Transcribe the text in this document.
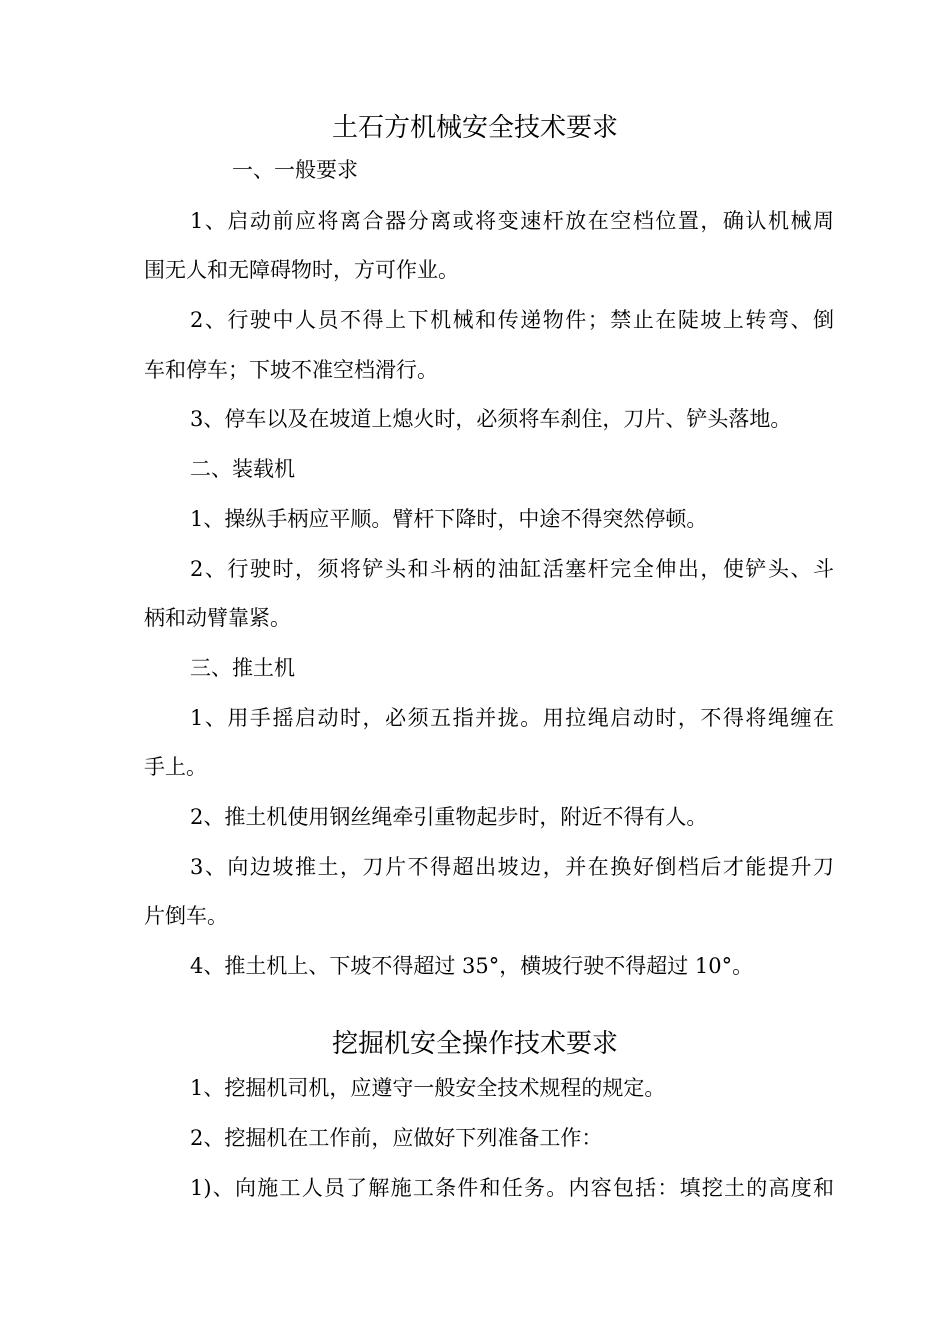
土石方机械安全技术要求
一、一般要求
1、启动前应将离合器分离或将变速杆放在空档位置，确认机械周
围无人和无障碍物时，方可作业。
2、行驶中人员不得上下机械和传递物件；禁止在陡坡上转弯、倒
车和停车；下坡不准空档滑行。
3、停车以及在坡道上熄火时，必须将车刹住，刀片、铲头落地。
二、装载机
1、操纵手柄应平顺。臂杆下降时，中途不得突然停顿。
2、行驶时，须将铲头和斗柄的油缸活塞杆完全伸出，使铲头、斗
柄和动臂靠紧。
三、推土机
1、用手摇启动时，必须五指并拢。用拉绳启动时，不得将绳缠在
手上。
2、推土机使用钢丝绳牵引重物起步时，附近不得有人。
3、向边坡推土，刀片不得超出坡边，并在换好倒档后才能提升刀
片倒车。
4、推土机上、下坡不得超过 35°，横坡行驶不得超过 10°。
挖掘机安全操作技术要求
1、挖掘机司机，应遵守一般安全技术规程的规定。
2、挖掘机在工作前，应做好下列准备工作：
1)、向施工人员了解施工条件和任务。内容包括：填挖土的高度和
